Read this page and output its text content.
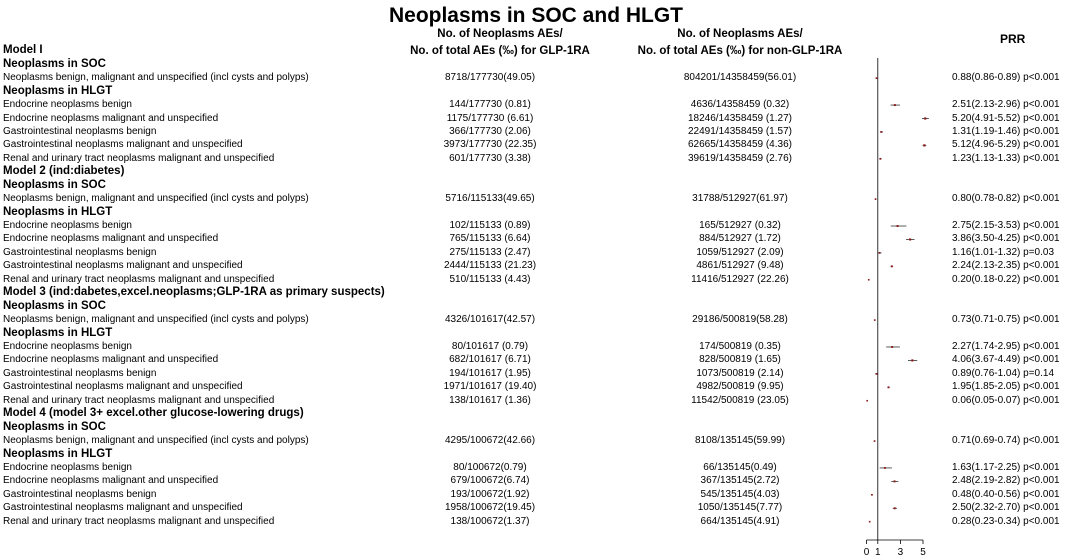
Neoplasms in SOC and HLGT
No. of Neoplasms AEs/
No. of total AEs (‰) for GLP-1RA
No. of Neoplasms AEs/
No. of total AEs (‰) for non-GLP-1RA
PRR
Model I
Neoplasms in SOC
Neoplasms benign, malignant and unspecified (incl cysts and polyps)	8718/177730(49.05)	804201/14358459(56.01)	0.88(0.86-0.89) p<0.001
Neoplasms in HLGT
Endocrine neoplasms benign	144/177730 (0.81)	4636/14358459 (0.32)	2.51(2.13-2.96) p<0.001
Endocrine neoplasms malignant and unspecified	1175/177730 (6.61)	18246/14358459 (1.27)	5.20(4.91-5.52) p<0.001
Gastrointestinal neoplasms benign	366/177730 (2.06)	22491/14358459 (1.57)	1.31(1.19-1.46) p<0.001
Gastrointestinal neoplasms malignant and unspecified	3973/177730 (22.35)	62665/14358459 (4.36)	5.12(4.96-5.29) p<0.001
Renal and urinary tract neoplasms malignant and unspecified	601/177730 (3.38)	39619/14358459 (2.76)	1.23(1.13-1.33) p<0.001
Model 2 (ind:diabetes)
Neoplasms in SOC
Neoplasms benign, malignant and unspecified (incl cysts and polyps)	5716/115133(49.65)	31788/512927(61.97)	0.80(0.78-0.82) p<0.001
Neoplasms in HLGT
Endocrine neoplasms benign	102/115133 (0.89)	165/512927 (0.32)	2.75(2.15-3.53) p<0.001
Endocrine neoplasms malignant and unspecified	765/115133 (6.64)	884/512927 (1.72)	3.86(3.50-4.25) p<0.001
Gastrointestinal neoplasms benign	275/115133 (2.47)	1059/512927 (2.09)	1.16(1.01-1.32) p=0.03
Gastrointestinal neoplasms malignant and unspecified	2444/115133 (21.23)	4861/512927 (9.48)	2.24(2.13-2.35) p<0.001
Renal and urinary tract neoplasms malignant and unspecified	510/115133 (4.43)	11416/512927 (22.26)	0.20(0.18-0.22) p<0.001
Model 3 (ind:dabetes,excel.neoplasms;GLP-1RA as primary suspects)
Neoplasms in SOC
Neoplasms benign, malignant and unspecified (incl cysts and polyps)	4326/101617(42.57)	29186/500819(58.28)	0.73(0.71-0.75) p<0.001
Neoplasms in HLGT
Endocrine neoplasms benign	80/101617 (0.79)	174/500819 (0.35)	2.27(1.74-2.95) p<0.001
Endocrine neoplasms malignant and unspecified	682/101617 (6.71)	828/500819 (1.65)	4.06(3.67-4.49) p<0.001
Gastrointestinal neoplasms benign	194/101617 (1.95)	1073/500819 (2.14)	0.89(0.76-1.04) p=0.14
Gastrointestinal neoplasms malignant and unspecified	1971/101617 (19.40)	4982/500819 (9.95)	1.95(1.85-2.05) p<0.001
Renal and urinary tract neoplasms malignant and unspecified	138/101617 (1.36)	11542/500819 (23.05)	0.06(0.05-0.07) p<0.001
Model 4 (model 3+ excel.other glucose-lowering drugs)
Neoplasms in SOC
Neoplasms benign, malignant and unspecified (incl cysts and polyps)	4295/100672(42.66)	8108/135145(59.99)	0.71(0.69-0.74) p<0.001
Neoplasms in HLGT
Endocrine neoplasms benign	80/100672(0.79)	66/135145(0.49)	1.63(1.17-2.25) p<0.001
Endocrine neoplasms malignant and unspecified	679/100672(6.74)	367/135145(2.72)	2.48(2.19-2.82) p<0.001
Gastrointestinal neoplasms benign	193/100672(1.92)	545/135145(4.03)	0.48(0.40-0.56) p<0.001
Gastrointestinal neoplasms malignant and unspecified	1958/100672(19.45)	1050/135145(7.77)	2.50(2.32-2.70) p<0.001
Renal and urinary tract neoplasms malignant and unspecified	138/100672(1.37)	664/135145(4.91)	0.28(0.23-0.34) p<0.001
0 1 3 5
